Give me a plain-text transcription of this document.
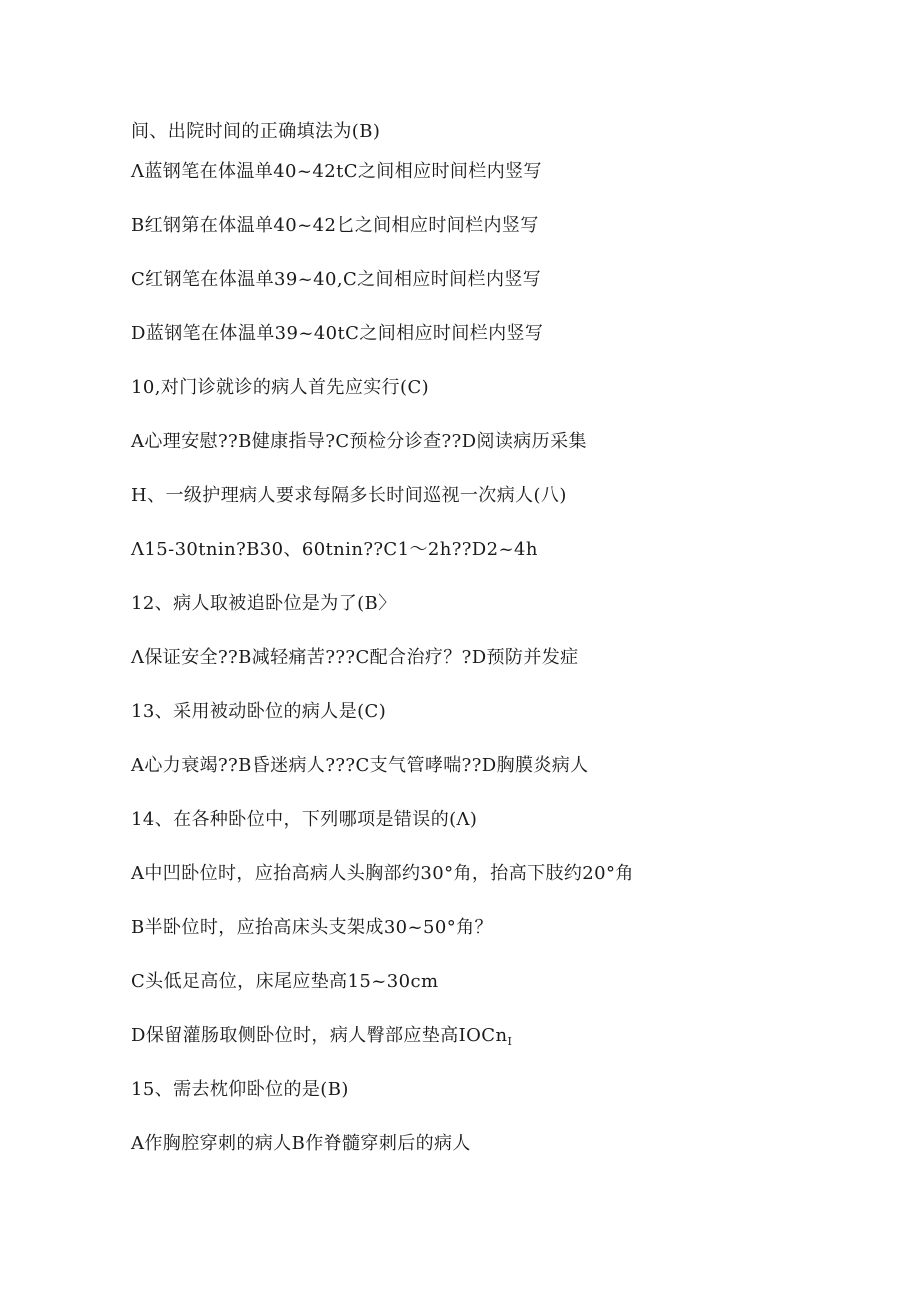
间、出院时间的正确填法为(B)
Λ蓝钢笔在体温单40~42tC之间相应时间栏内竖写
B红钢第在体温单40~42匕之间相应时间栏内竖写
C红钢笔在体温单39~40,C之间相应时间栏内竖写
D蓝钢笔在体温单39~40tC之间相应时间栏内竖写
10,对门诊就诊的病人首先应实行(C)
A心理安慰??B健康指导?C预检分诊查??D阅读病历采集
H、一级护理病人要求每隔多长时间巡视一次病人(八)
Λ15-30tnin?B30、60tnin??C1～2h??D2~4h
12、病人取被追卧位是为了(B〉
Λ保证安全??B减轻痛苦???C配合治疗？?D预防并发症
13、采用被动卧位的病人是(C)
A心力衰竭??B昏迷病人???C支气管哮喘??D胸膜炎病人
14、在各种卧位中，下列哪项是错误的(Λ)
A中凹卧位时，应抬高病人头胸部约30°角，抬高下肢约20°角
B半卧位时，应抬高床头支架成30~50°角？
C头低足高位，床尾应垫高15~30cm
D保留灌肠取侧卧位时，病人臀部应垫高IOCn$_I$
15、需去枕仰卧位的是(B)
A作胸腔穿刺的病人B作脊髓穿刺后的病人
